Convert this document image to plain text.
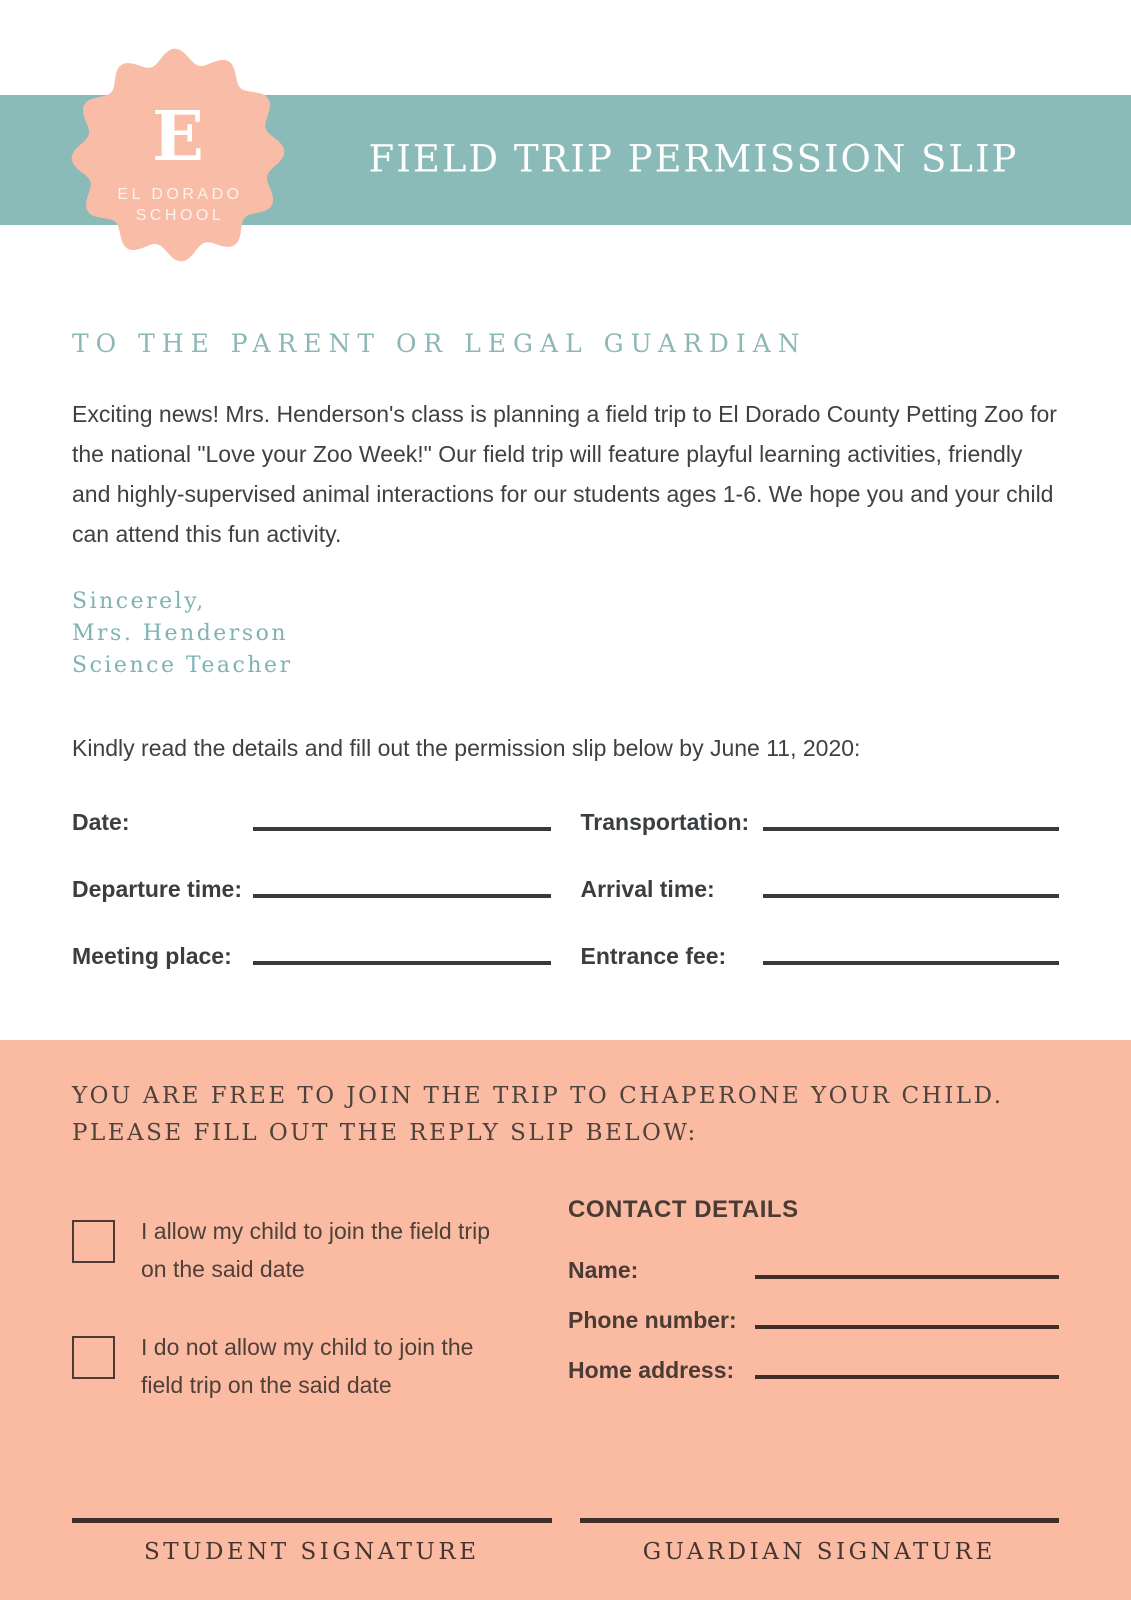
E
EL DORADO
SCHOOL
FIELD TRIP PERMISSION SLIP
TO THE PARENT OR LEGAL GUARDIAN

Exciting news! Mrs. Henderson's class is planning a field trip to El Dorado County Petting Zoo for the national "Love your Zoo Week!" Our field trip will feature playful learning activities, friendly and highly-supervised animal interactions for our students ages 1-6. We hope you and your child can attend this fun activity.

Sincerely,
Mrs. Henderson
Science Teacher
Kindly read the details and fill out the permission slip below by June 11, 2020:
Date:
Departure time:
Meeting place:
Transportation:
Arrival time:
Entrance fee:
YOU ARE FREE TO JOIN THE TRIP TO CHAPERONE YOUR CHILD.
PLEASE FILL OUT THE REPLY SLIP BELOW:
I allow my child to join the field trip on the said date
I do not allow my child to join the field trip on the said date
CONTACT DETAILS
Name:
Phone number:
Home address:
STUDENT SIGNATURE	GUARDIAN SIGNATURE
